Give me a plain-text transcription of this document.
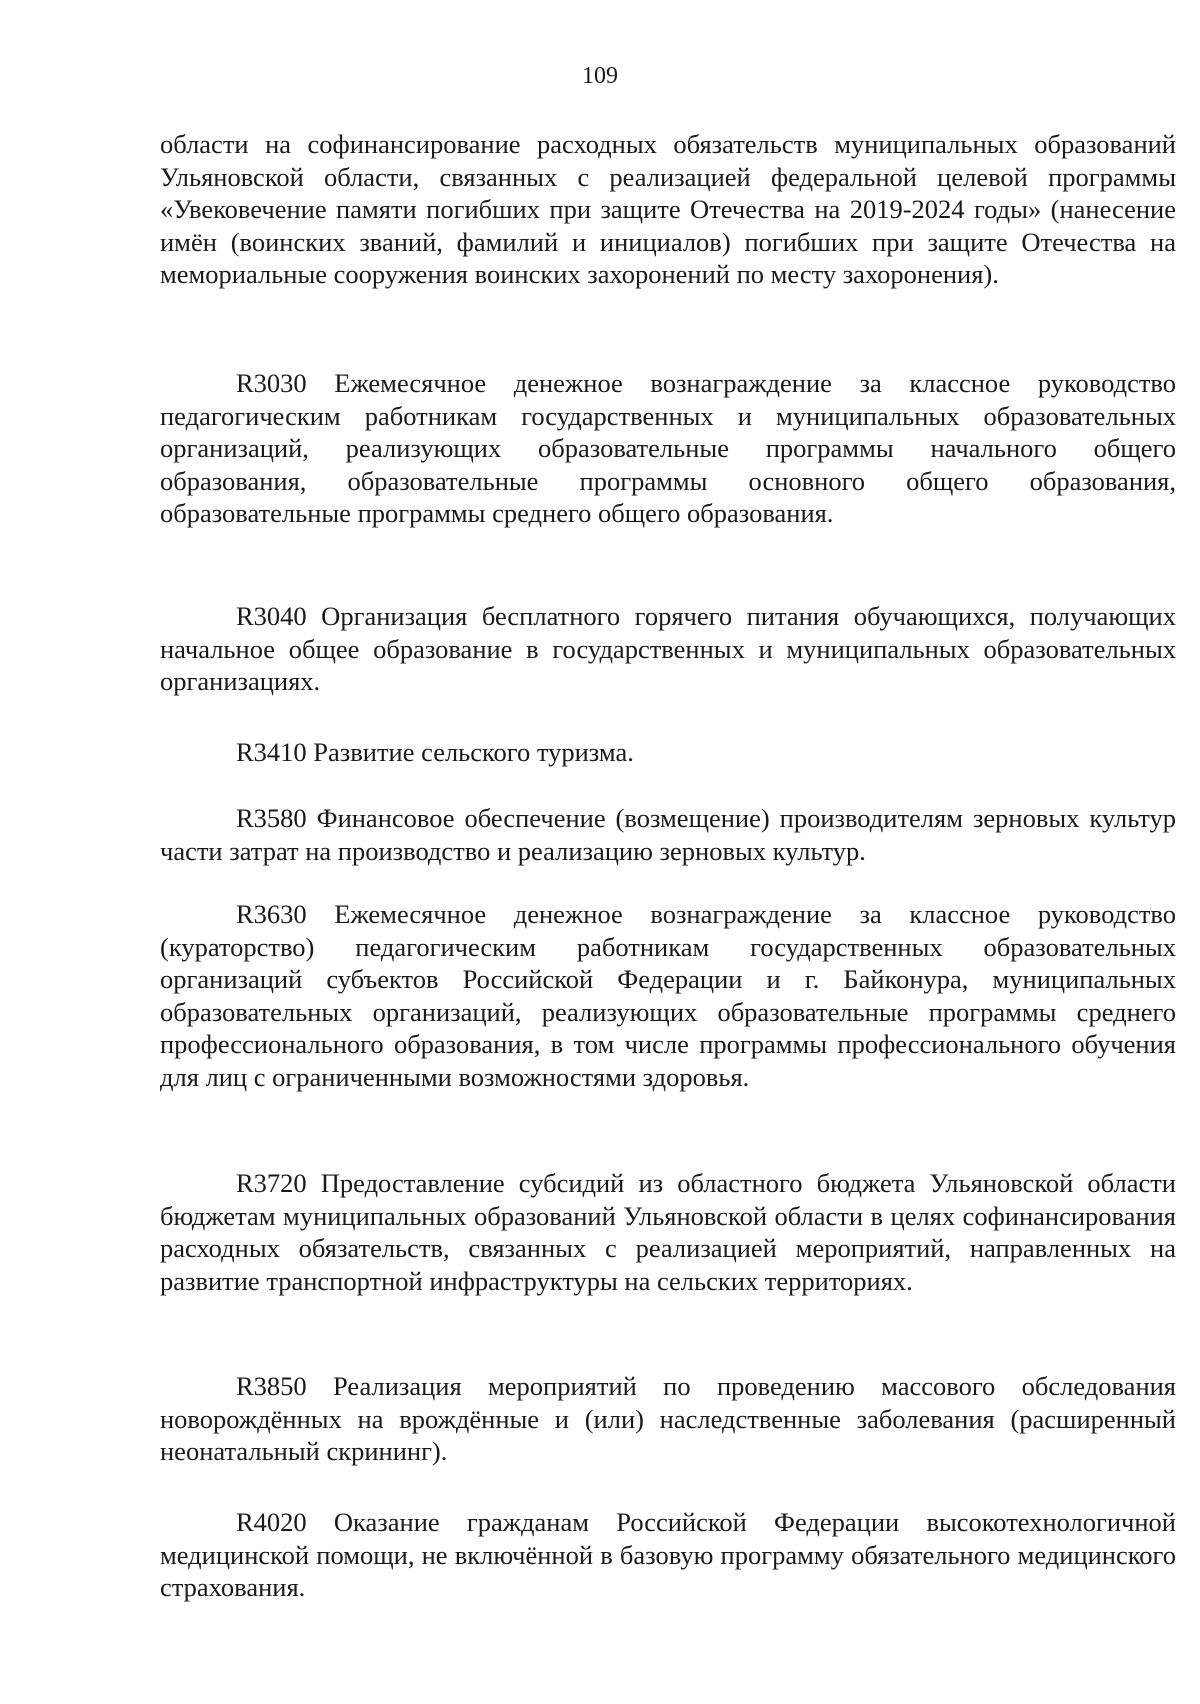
109

области на софинансирование расходных обязательств муниципальных образований Ульяновской области, связанных с реализацией федеральной целевой программы «Увековечение памяти погибших при защите Отечества на 2019-2024 годы» (нанесение имён (воинских званий, фамилий и инициалов) погибших при защите Отечества на мемориальные сооружения воинских захоронений по месту захоронения).

R3030 Ежемесячное денежное вознаграждение за классное руководство педагогическим работникам государственных и муниципальных образовательных организаций, реализующих образовательные программы начального общего образования, образовательные программы основного общего образования, образовательные программы среднего общего образования.

R3040 Организация бесплатного горячего питания обучающихся, получающих начальное общее образование в государственных и муниципальных образовательных организациях.

R3410 Развитие сельского туризма.

R3580 Финансовое обеспечение (возмещение) производителям зерновых культур части затрат на производство и реализацию зерновых культур.

R3630 Ежемесячное денежное вознаграждение за классное руководство (кураторство) педагогическим работникам государственных образовательных организаций субъектов Российской Федерации и г. Байконура, муниципальных образовательных организаций, реализующих образовательные программы среднего профессионального образования, в том числе программы профессионального обучения для лиц с ограниченными возможностями здоровья.

R3720 Предоставление субсидий из областного бюджета Ульяновской области бюджетам муниципальных образований Ульяновской области в целях софинансирования расходных обязательств, связанных с реализацией мероприятий, направленных на развитие транспортной инфраструктуры на сельских территориях.

R3850 Реализация мероприятий по проведению массового обследования новорождённых на врождённые и (или) наследственные заболевания (расширенный неонатальный скрининг).

R4020 Оказание гражданам Российской Федерации высокотехнологичной медицинской помощи, не включённой в базовую программу обязательного медицинского страхования.
